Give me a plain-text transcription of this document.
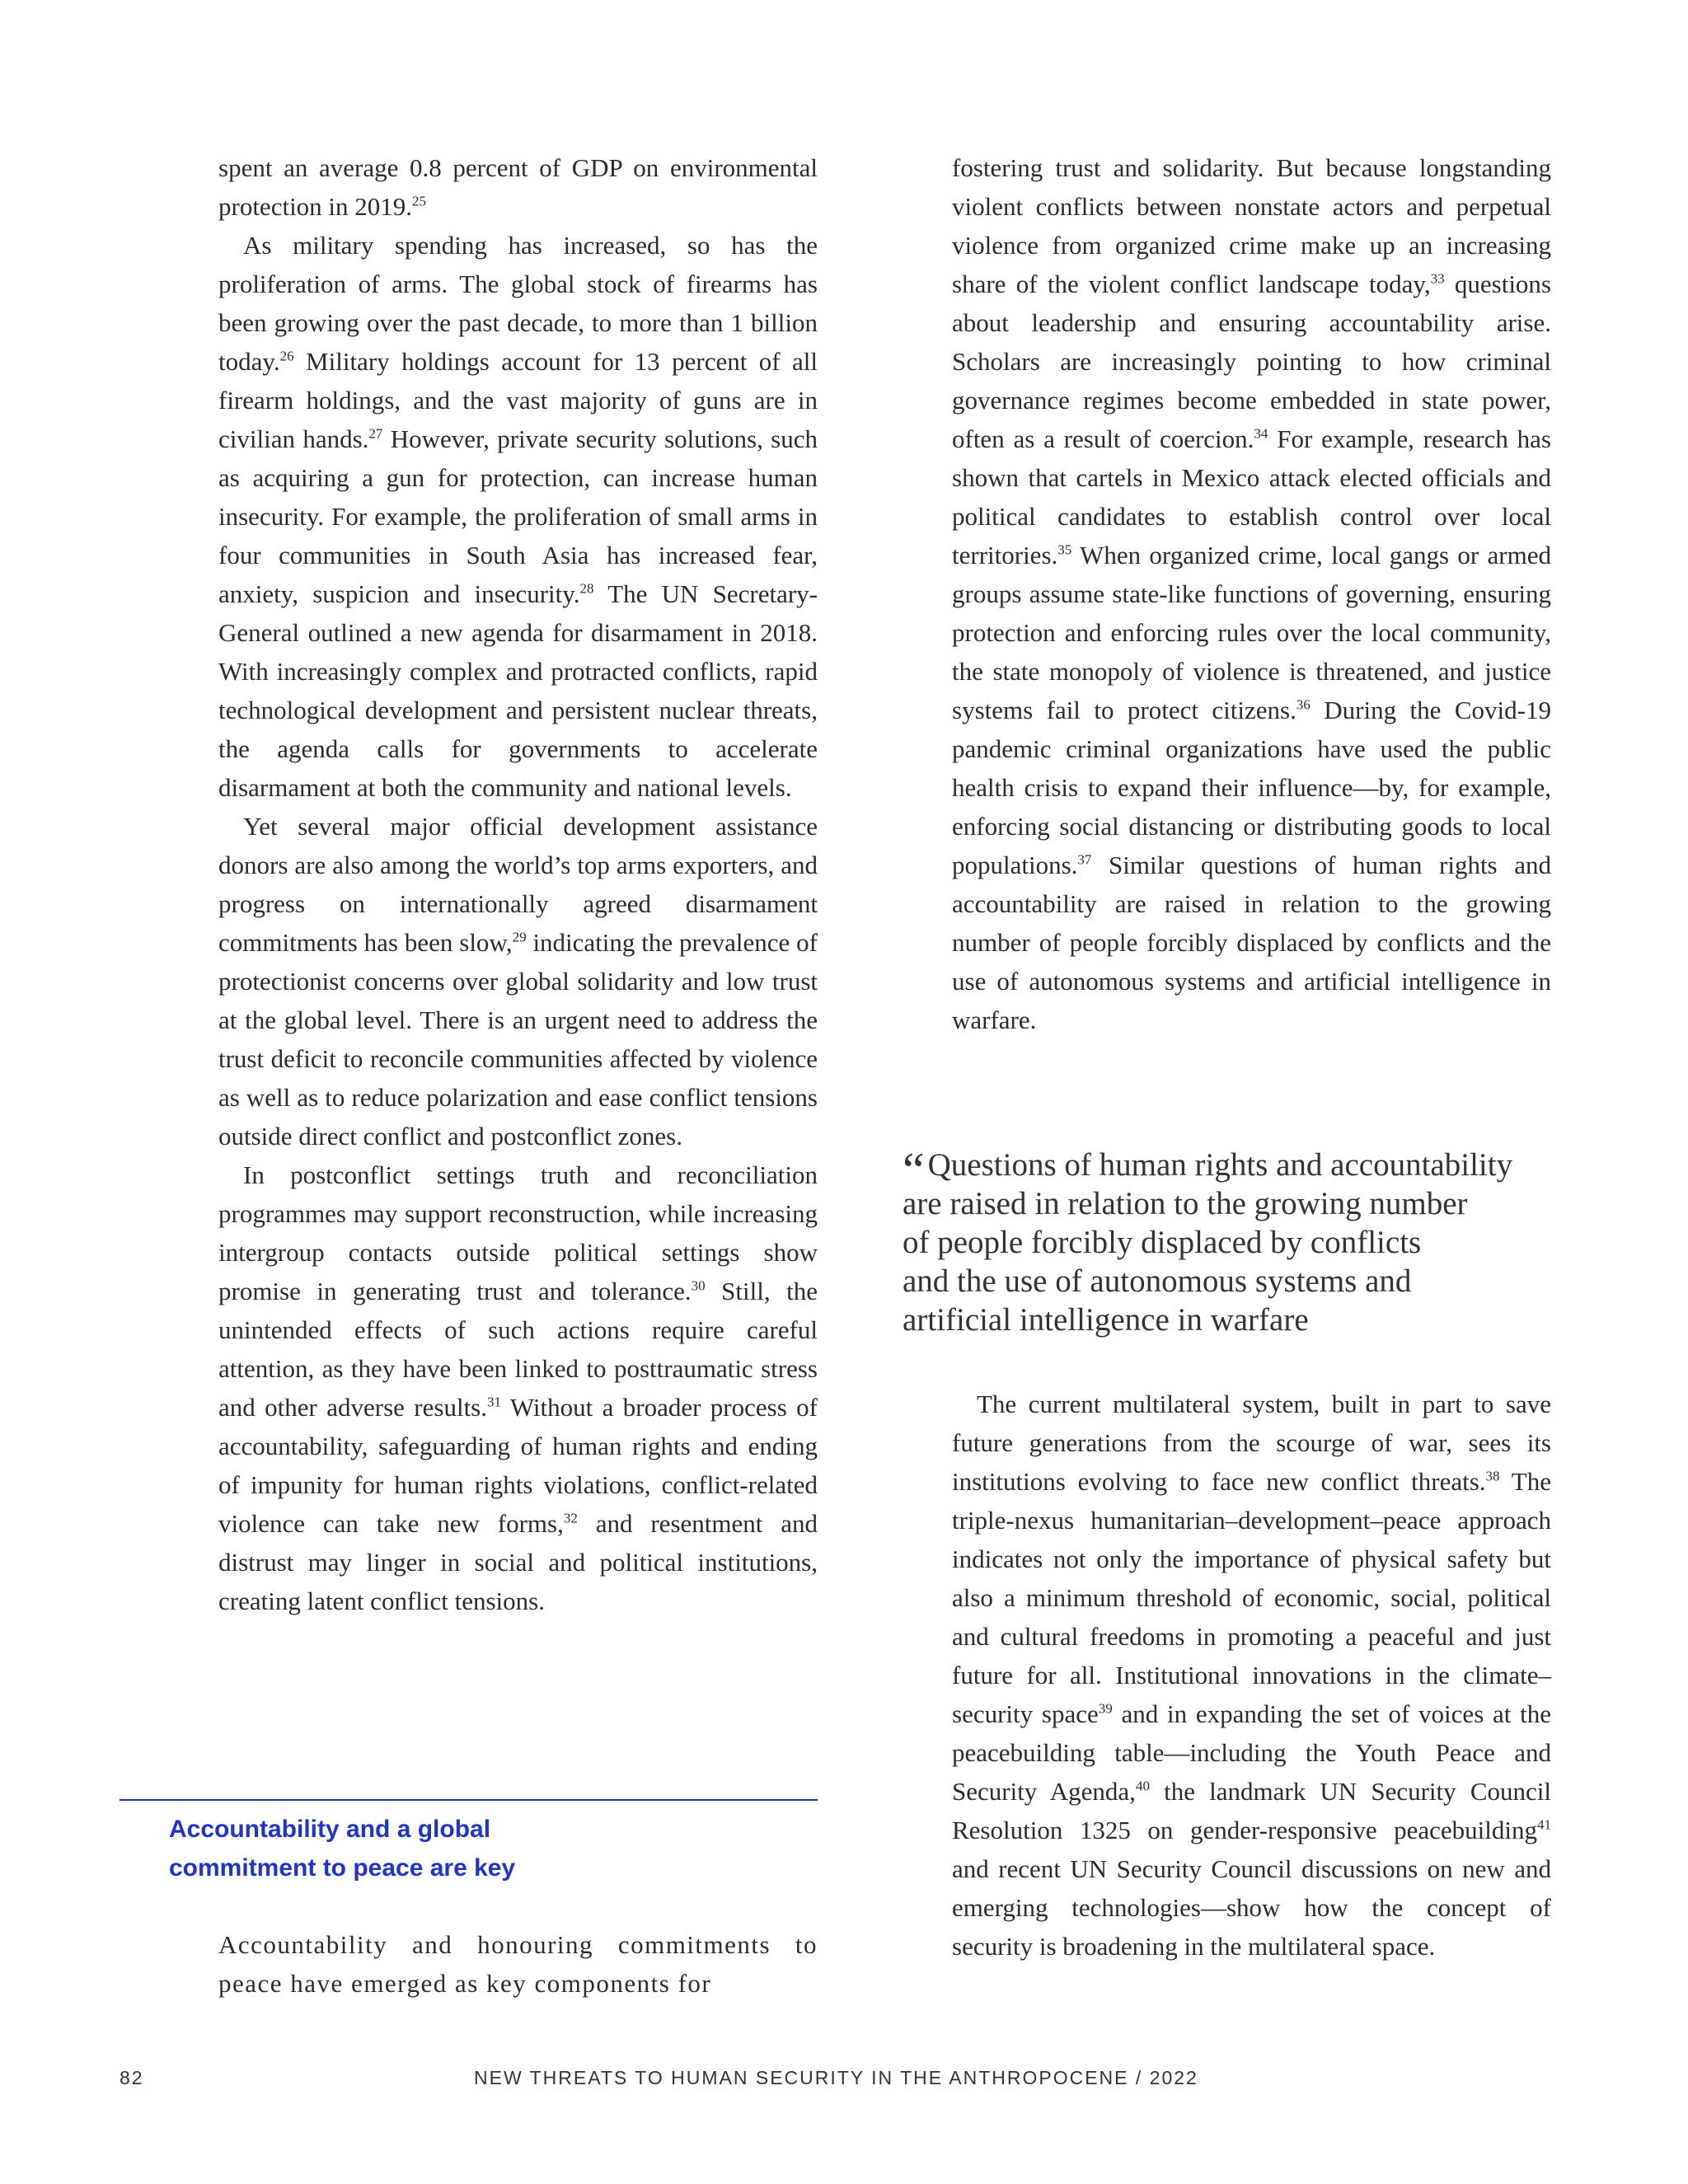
spent an average 0.8 percent of GDP on environmental protection in 2019.25

As military spending has increased, so has the proliferation of arms. The global stock of firearms has been growing over the past decade, to more than 1 billion today.$^{26}$ Military holdings account for 13 percent of all firearm holdings, and the vast majority of guns are in civilian hands.$^{27}$ However, private security solutions, such as acquiring a gun for protection, can increase human insecurity. For example, the proliferation of small arms in four communities in South Asia has increased fear, anxiety, suspicion and insecurity.$^{28}$ The UN Secretary-General outlined a new agenda for disarmament in 2018. With increasingly complex and protracted conflicts, rapid technological development and persistent nuclear threats, the agenda calls for governments to accelerate disarmament at both the community and national levels.

Yet several major official development assistance donors are also among the world’s top arms exporters, and progress on internationally agreed disarmament commitments has been slow,$^{29}$ indicating the prevalence of protectionist concerns over global solidarity and low trust at the global level. There is an urgent need to address the trust deficit to reconcile communities affected by violence as well as to reduce polarization and ease conflict tensions outside direct conflict and postconflict zones.

In postconflict settings truth and reconciliation programmes may support reconstruction, while increasing intergroup contacts outside political settings show promise in generating trust and tolerance.$^{30}$ Still, the unintended effects of such actions require careful attention, as they have been linked to posttraumatic stress and other adverse results.$^{31}$ Without a broader process of accountability, safeguarding of human rights and ending of impunity for human rights violations, conflict-related violence can take new forms,$^{32}$ and resentment and distrust may linger in social and political institutions, creating latent conflict tensions.

Accountability and a global
commitment to peace are key

Accountability and honouring commitments to peace have emerged as key components for

fostering trust and solidarity. But because longstanding violent conflicts between nonstate actors and perpetual violence from organized crime make up an increasing share of the violent conflict landscape today,$^{33}$ questions about leadership and ensuring accountability arise. Scholars are increasingly pointing to how criminal governance regimes become embedded in state power, often as a result of coercion.$^{34}$ For example, research has shown that cartels in Mexico attack elected officials and political candidates to establish control over local territories.$^{35}$ When organized crime, local gangs or armed groups assume state-like functions of governing, ensuring protection and enforcing rules over the local community, the state monopoly of violence is threatened, and justice systems fail to protect citizens.$^{36}$ During the Covid-19 pandemic criminal organizations have used the public health crisis to expand their influence—by, for example, enforcing social distancing or distributing goods to local populations.$^{37}$ Similar questions of human rights and accountability are raised in relation to the growing number of people forcibly displaced by conflicts and the use of autonomous systems and artificial intelligence in warfare.

“ Questions of human rights and accountability
are raised in relation to the growing number
of people forcibly displaced by conflicts
and the use of autonomous systems and
artificial intelligence in warfare

The current multilateral system, built in part to save future generations from the scourge of war, sees its institutions evolving to face new conflict threats.$^{38}$ The triple-nexus humanitarian–development–peace approach indicates not only the importance of physical safety but also a minimum threshold of economic, social, political and cultural freedoms in promoting a peaceful and just future for all. Institutional innovations in the climate–security space$^{39}$ and in expanding the set of voices at the peacebuilding table—including the Youth Peace and Security Agenda,$^{40}$ the landmark UN Security Council Resolution 1325 on gender-responsive peacebuilding$^{41}$ and recent UN Security Council discussions on new and emerging technologies—show how the concept of security is broadening in the multilateral space.

82	NEW THREATS TO HUMAN SECURITY IN THE ANTHROPOCENE / 2022
